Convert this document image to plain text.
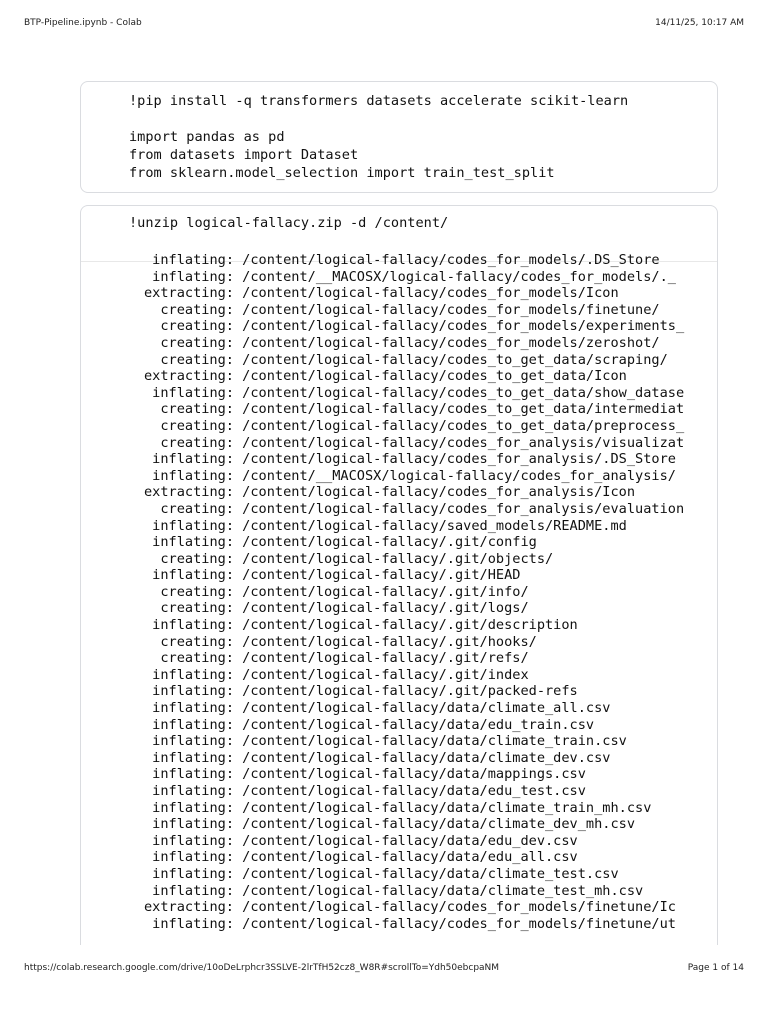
BTP-Pipeline.ipynb - Colab	14/11/25, 10:17 AM
!pip install -q transformers datasets accelerate scikit-learn

import pandas as pd
from datasets import Dataset
from sklearn.model_selection import train_test_split
!unzip logical-fallacy.zip -d /content/
inflating: /content/logical-fallacy/codes_for_models/.DS_Store
inflating: /content/__MACOSX/logical-fallacy/codes_for_models/._
extracting: /content/logical-fallacy/codes_for_models/Icon
creating: /content/logical-fallacy/codes_for_models/finetune/
creating: /content/logical-fallacy/codes_for_models/experiments_
creating: /content/logical-fallacy/codes_for_models/zeroshot/
creating: /content/logical-fallacy/codes_to_get_data/scraping/
extracting: /content/logical-fallacy/codes_to_get_data/Icon
inflating: /content/logical-fallacy/codes_to_get_data/show_datase
creating: /content/logical-fallacy/codes_to_get_data/intermediat
creating: /content/logical-fallacy/codes_to_get_data/preprocess_
creating: /content/logical-fallacy/codes_for_analysis/visualizat
inflating: /content/logical-fallacy/codes_for_analysis/.DS_Store
inflating: /content/__MACOSX/logical-fallacy/codes_for_analysis/
extracting: /content/logical-fallacy/codes_for_analysis/Icon
creating: /content/logical-fallacy/codes_for_analysis/evaluation
inflating: /content/logical-fallacy/saved_models/README.md
inflating: /content/logical-fallacy/.git/config
creating: /content/logical-fallacy/.git/objects/
inflating: /content/logical-fallacy/.git/HEAD
creating: /content/logical-fallacy/.git/info/
creating: /content/logical-fallacy/.git/logs/
inflating: /content/logical-fallacy/.git/description
creating: /content/logical-fallacy/.git/hooks/
creating: /content/logical-fallacy/.git/refs/
inflating: /content/logical-fallacy/.git/index
inflating: /content/logical-fallacy/.git/packed-refs
inflating: /content/logical-fallacy/data/climate_all.csv
inflating: /content/logical-fallacy/data/edu_train.csv
inflating: /content/logical-fallacy/data/climate_train.csv
inflating: /content/logical-fallacy/data/climate_dev.csv
inflating: /content/logical-fallacy/data/mappings.csv
inflating: /content/logical-fallacy/data/edu_test.csv
inflating: /content/logical-fallacy/data/climate_train_mh.csv
inflating: /content/logical-fallacy/data/climate_dev_mh.csv
inflating: /content/logical-fallacy/data/edu_dev.csv
inflating: /content/logical-fallacy/data/edu_all.csv
inflating: /content/logical-fallacy/data/climate_test.csv
inflating: /content/logical-fallacy/data/climate_test_mh.csv
extracting: /content/logical-fallacy/codes_for_models/finetune/Ic
inflating: /content/logical-fallacy/codes_for_models/finetune/ut
https://colab.research.google.com/drive/10oDeLrphcr3SSLVE-2lrTfH52cz8_W8R#scrollTo=Ydh50ebcpaNM	Page 1 of 14
